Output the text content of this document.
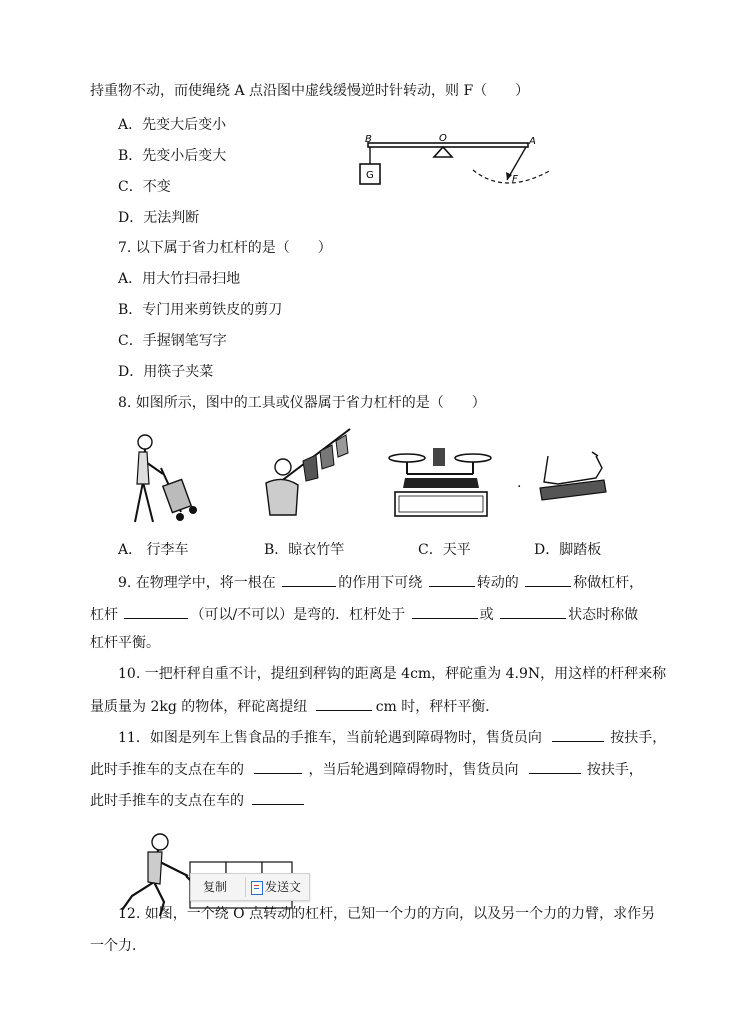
持重物不动，而使绳绕 A 点沿图中虚线缓慢逆时针转动，则 F（　　）
A．先变大后变小
B．先变小后变大
C．不变
D．无法判断
B	O	A
G	F
7. 以下属于省力杠杆的是（　　）
A．用大竹扫帚扫地
B．专门用来剪铁皮的剪刀
C．手握钢笔写字
D．用筷子夹菜
8. 如图所示，图中的工具或仪器属于省力杠杆的是（　　）
.
A． 行李车	B．晾衣竹竿	C．天平	D．脚踏板
9. 在物理学中，将一根在	的作用下可绕	转动的	称做杠杆，
杠杆	（可以/不可以）是弯的．杠杆处于	或	状态时称做
杠杆平衡。
10. 一把杆秤自重不计，提纽到秤钩的距离是 4cm，秤砣重为 4.9N，用这样的杆秤来称
量质量为 2kg 的物体，秤砣离提纽	cm 时，秤杆平衡．
11．如图是列车上售食品的手推车，当前轮遇到障碍物时，售货员向	按扶手，
此时手推车的支点在车的	，当后轮遇到障碍物时，售货员向	按扶手，
此时手推车的支点在车的
复制	发送文
12. 如图，一个绕 O 点转动的杠杆，已知一个力的方向，以及另一个力的力臂，求作另
一个力．
